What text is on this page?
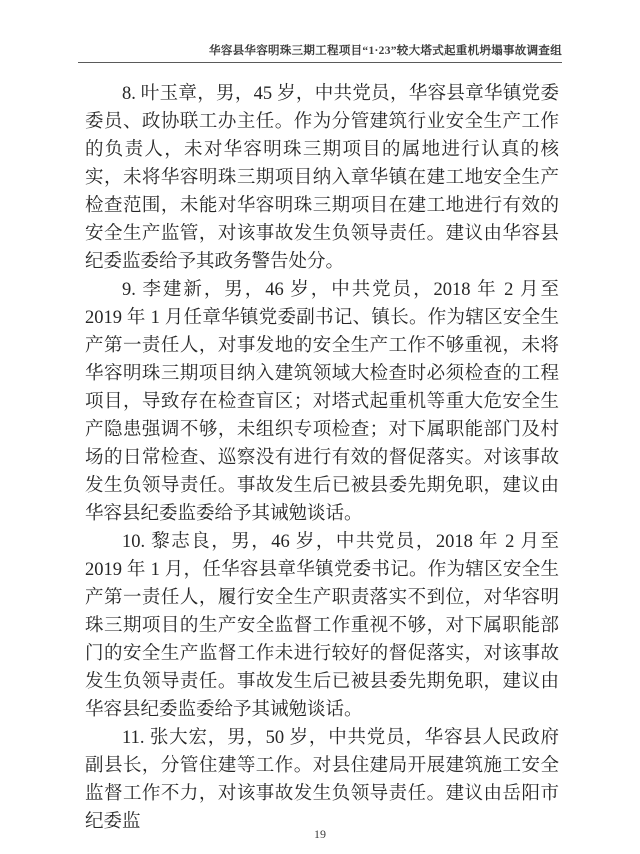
华容县华容明珠三期工程项目“1·23”较大塔式起重机坍塌事故调查组

8. 叶玉章，男，45 岁，中共党员，华容县章华镇党委委员、政协联工办主任。作为分管建筑行业安全生产工作的负责人，未对华容明珠三期项目的属地进行认真的核实，未将华容明珠三期项目纳入章华镇在建工地安全生产检查范围，未能对华容明珠三期项目在建工地进行有效的安全生产监管，对该事故发生负领导责任。建议由华容县纪委监委给予其政务警告处分。

9. 李建新，男，46 岁，中共党员，2018 年 2 月至 2019 年 1 月任章华镇党委副书记、镇长。作为辖区安全生产第一责任人，对事发地的安全生产工作不够重视，未将华容明珠三期项目纳入建筑领域大检查时必须检查的工程项目，导致存在检查盲区；对塔式起重机等重大危安全生产隐患强调不够，未组织专项检查；对下属职能部门及村场的日常检查、巡察没有进行有效的督促落实。对该事故发生负领导责任。事故发生后已被县委先期免职，建议由华容县纪委监委给予其诫勉谈话。

10. 黎志良，男，46 岁，中共党员，2018 年 2 月至 2019 年 1 月，任华容县章华镇党委书记。作为辖区安全生产第一责任人，履行安全生产职责落实不到位，对华容明珠三期项目的生产安全监督工作重视不够，对下属职能部门的安全生产监督工作未进行较好的督促落实，对该事故发生负领导责任。事故发生后已被县委先期免职，建议由华容县纪委监委给予其诫勉谈话。

11. 张大宏，男，50 岁，中共党员，华容县人民政府副县长，分管住建等工作。对县住建局开展建筑施工安全监督工作不力，对该事故发生负领导责任。建议由岳阳市纪委监

19
